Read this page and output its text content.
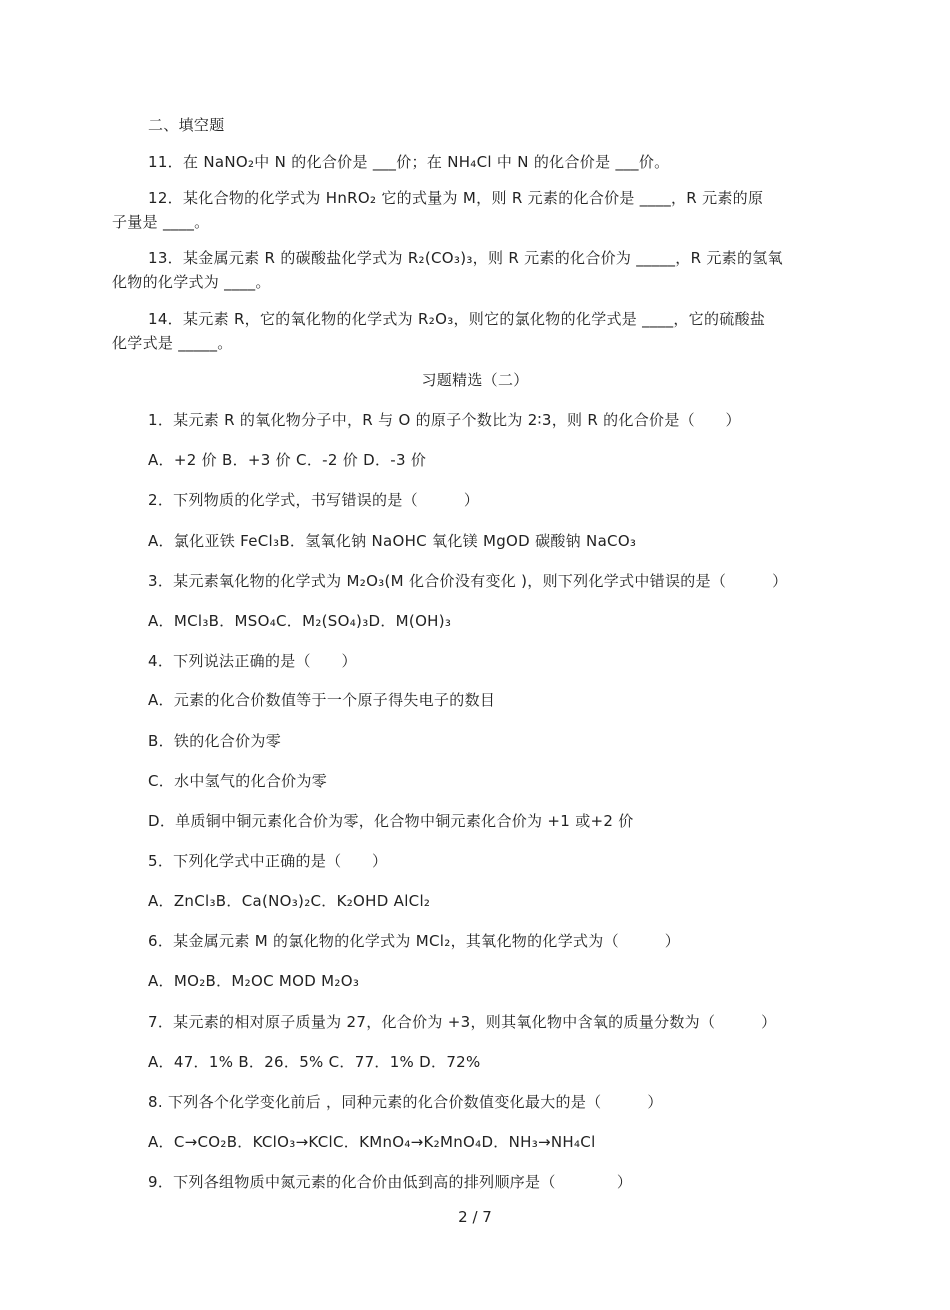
二、填空题
11．在 NaNO₂中 N 的化合价是 ___价；在 NH₄Cl 中 N 的化合价是 ___价。
12．某化合物的化学式为 HnRO₂ 它的式量为 M，则 R 元素的化合价是 ____，R 元素的原
子量是 ____。
13．某金属元素 R 的碳酸盐化学式为 R₂(CO₃)₃，则 R 元素的化合价为 _____，R 元素的氢氧
化物的化学式为 ____。
14．某元素 R，它的氧化物的化学式为 R₂O₃，则它的氯化物的化学式是 ____，它的硫酸盐
化学式是 _____。
习题精选（二）
1．某元素 R 的氧化物分子中，R 与 O 的原子个数比为 2∶3，则 R 的化合价是（　　）
A．+2 价 B．+3 价 C．-2 价 D．-3 价
2．下列物质的化学式，书写错误的是（　　　）
A．氯化亚铁 FeCl₃B．氢氧化钠 NaOHC 氧化镁 MgOD 碳酸钠 NaCO₃
3．某元素氧化物的化学式为 M₂O₃(M 化合价没有变化 )，则下列化学式中错误的是（　　　）
A．MCl₃B．MSO₄C．M₂(SO₄)₃D．M(OH)₃
4．下列说法正确的是（　　）
A．元素的化合价数值等于一个原子得失电子的数目
B．铁的化合价为零
C．水中氢气的化合价为零
D．单质铜中铜元素化合价为零，化合物中铜元素化合价为 +1 或+2 价
5．下列化学式中正确的是（　　）
A．ZnCl₃B．Ca(NO₃)₂C．K₂OHD AlCl₂
6．某金属元素 M 的氯化物的化学式为 MCl₂，其氧化物的化学式为（　　　）
A．MO₂B．M₂OC MOD M₂O₃
7．某元素的相对原子质量为 27，化合价为 +3，则其氧化物中含氧的质量分数为（　　　）
A．47．1% B．26．5% C．77．1% D．72%
8. 下列各个化学变化前后 ，同种元素的化合价数值变化最大的是（　　　）
A．C→CO₂B．KClO₃→KClC．KMnO₄→K₂MnO₄D．NH₃→NH₄Cl
9．下列各组物质中氮元素的化合价由低到高的排列顺序是（　　　　）
2 / 7
